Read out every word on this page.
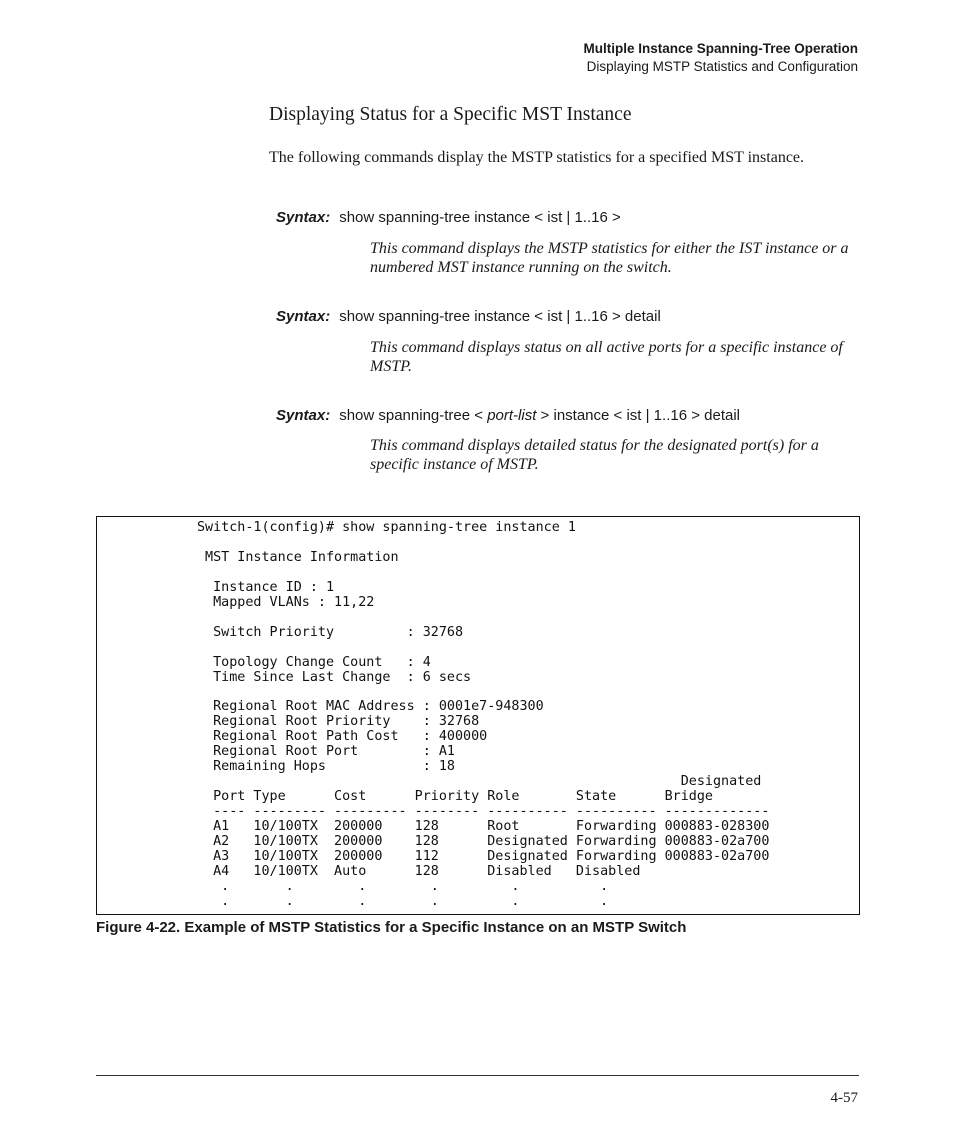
Multiple Instance Spanning-Tree Operation
Displaying MSTP Statistics and Configuration
Displaying Status for a Specific MST Instance
The following commands display the MSTP statistics for a specified MST instance.
Syntax: show spanning-tree instance < ist | 1..16 >
This command displays the MSTP statistics for either the IST instance or a numbered MST instance running on the switch.
Syntax: show spanning-tree instance < ist | 1..16 > detail
This command displays status on all active ports for a specific instance of MSTP.
Syntax: show spanning-tree < port-list > instance < ist | 1..16 > detail
This command displays detailed status for the designated port(s) for a specific instance of MSTP.
Switch-1(config)# show spanning-tree instance 1

MST Instance Information

Instance ID : 1
Mapped VLANs : 11,22

Switch Priority         : 32768

Topology Change Count   : 4
Time Since Last Change  : 6 secs

Regional Root MAC Address : 0001e7-948300
Regional Root Priority    : 32768
Regional Root Path Cost   : 400000
Regional Root Port        : A1
Remaining Hops            : 18
Designated
Port Type      Cost      Priority Role       State      Bridge
---- --------- --------- -------- ---------- ---------- -------------
A1   10/100TX  200000    128      Root       Forwarding 000883-028300
A2   10/100TX  200000    128      Designated Forwarding 000883-02a700
A3   10/100TX  200000    112      Designated Forwarding 000883-02a700
A4   10/100TX  Auto      128      Disabled   Disabled
.       .        .        .         .          .
.       .        .        .         .          .

Figure 4-22. Example of MSTP Statistics for a Specific Instance on an MSTP Switch
4-57
